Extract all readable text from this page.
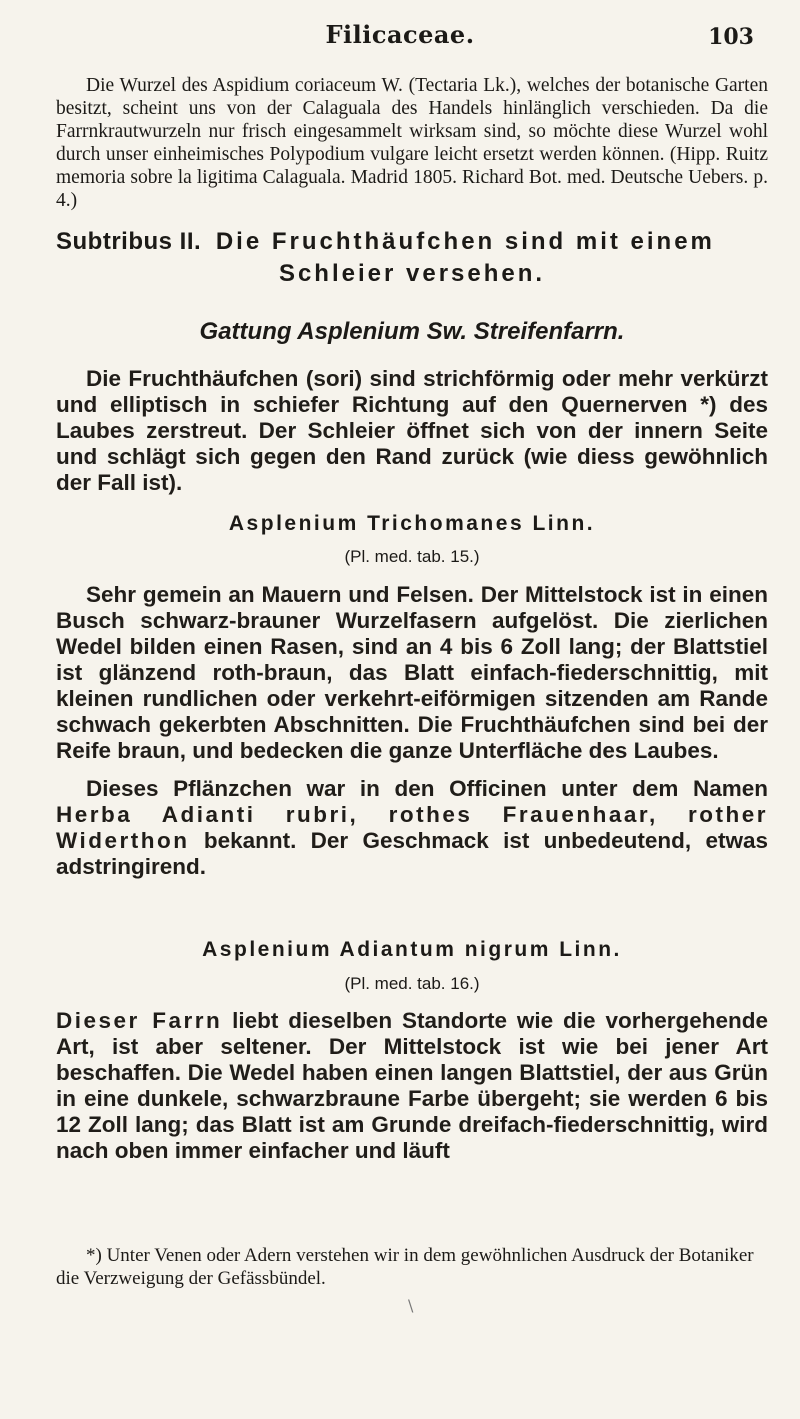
Filicaceae.	103

Die Wurzel des Aspidium coriaceum W. (Tectaria Lk.), welches der botanische Garten besitzt, scheint uns von der Calaguala des Handels hinlänglich verschieden. Da die Farrnkrautwurzeln nur frisch eingesammelt wirksam sind, so möchte diese Wurzel wohl durch unser einheimisches Polypodium vulgare leicht ersetzt werden können. (Hipp. Ruitz memoria sobre la ligitima Calaguala. Madrid 1805. Richard Bot. med. Deutsche Uebers. p. 4.)

Subtribus II. Die Fruchthäufchen sind mit einem
Schleier versehen.
Gattung Asplenium Sw. Streifenfarrn.

Die Fruchthäufchen (sori) sind strichförmig oder mehr verkürzt und elliptisch in schiefer Richtung auf den Quernerven *) des Laubes zerstreut. Der Schleier öffnet sich von der innern Seite und schlägt sich gegen den Rand zurück (wie diess gewöhnlich der Fall ist).

Asplenium Trichomanes Linn.
(Pl. med. tab. 15.)

Sehr gemein an Mauern und Felsen. Der Mittelstock ist in einen Busch schwarz-brauner Wurzelfasern aufgelöst. Die zierlichen Wedel bilden einen Rasen, sind an 4 bis 6 Zoll lang; der Blattstiel ist glänzend roth-braun, das Blatt einfach-fiederschnittig, mit kleinen rundlichen oder verkehrt-eiförmigen sitzenden am Rande schwach gekerbten Abschnitten. Die Fruchthäufchen sind bei der Reife braun, und bedecken die ganze Unterfläche des Laubes.

Dieses Pflänzchen war in den Officinen unter dem Namen Herba Adianti rubri, rothes Frauenhaar, rother Widerthon bekannt. Der Geschmack ist unbedeutend, etwas adstringirend.

Asplenium Adiantum nigrum Linn.
(Pl. med. tab. 16.)

Dieser Farrn liebt dieselben Standorte wie die vorhergehende Art, ist aber seltener. Der Mittelstock ist wie bei jener Art beschaffen. Die Wedel haben einen langen Blattstiel, der aus Grün in eine dunkele, schwarzbraune Farbe übergeht; sie werden 6 bis 12 Zoll lang; das Blatt ist am Grunde dreifach-fiederschnittig, wird nach oben immer einfacher und läuft

*) Unter Venen oder Adern verstehen wir in dem gewöhnlichen Ausdruck der Botaniker die Verzweigung der Gefässbündel.

\
